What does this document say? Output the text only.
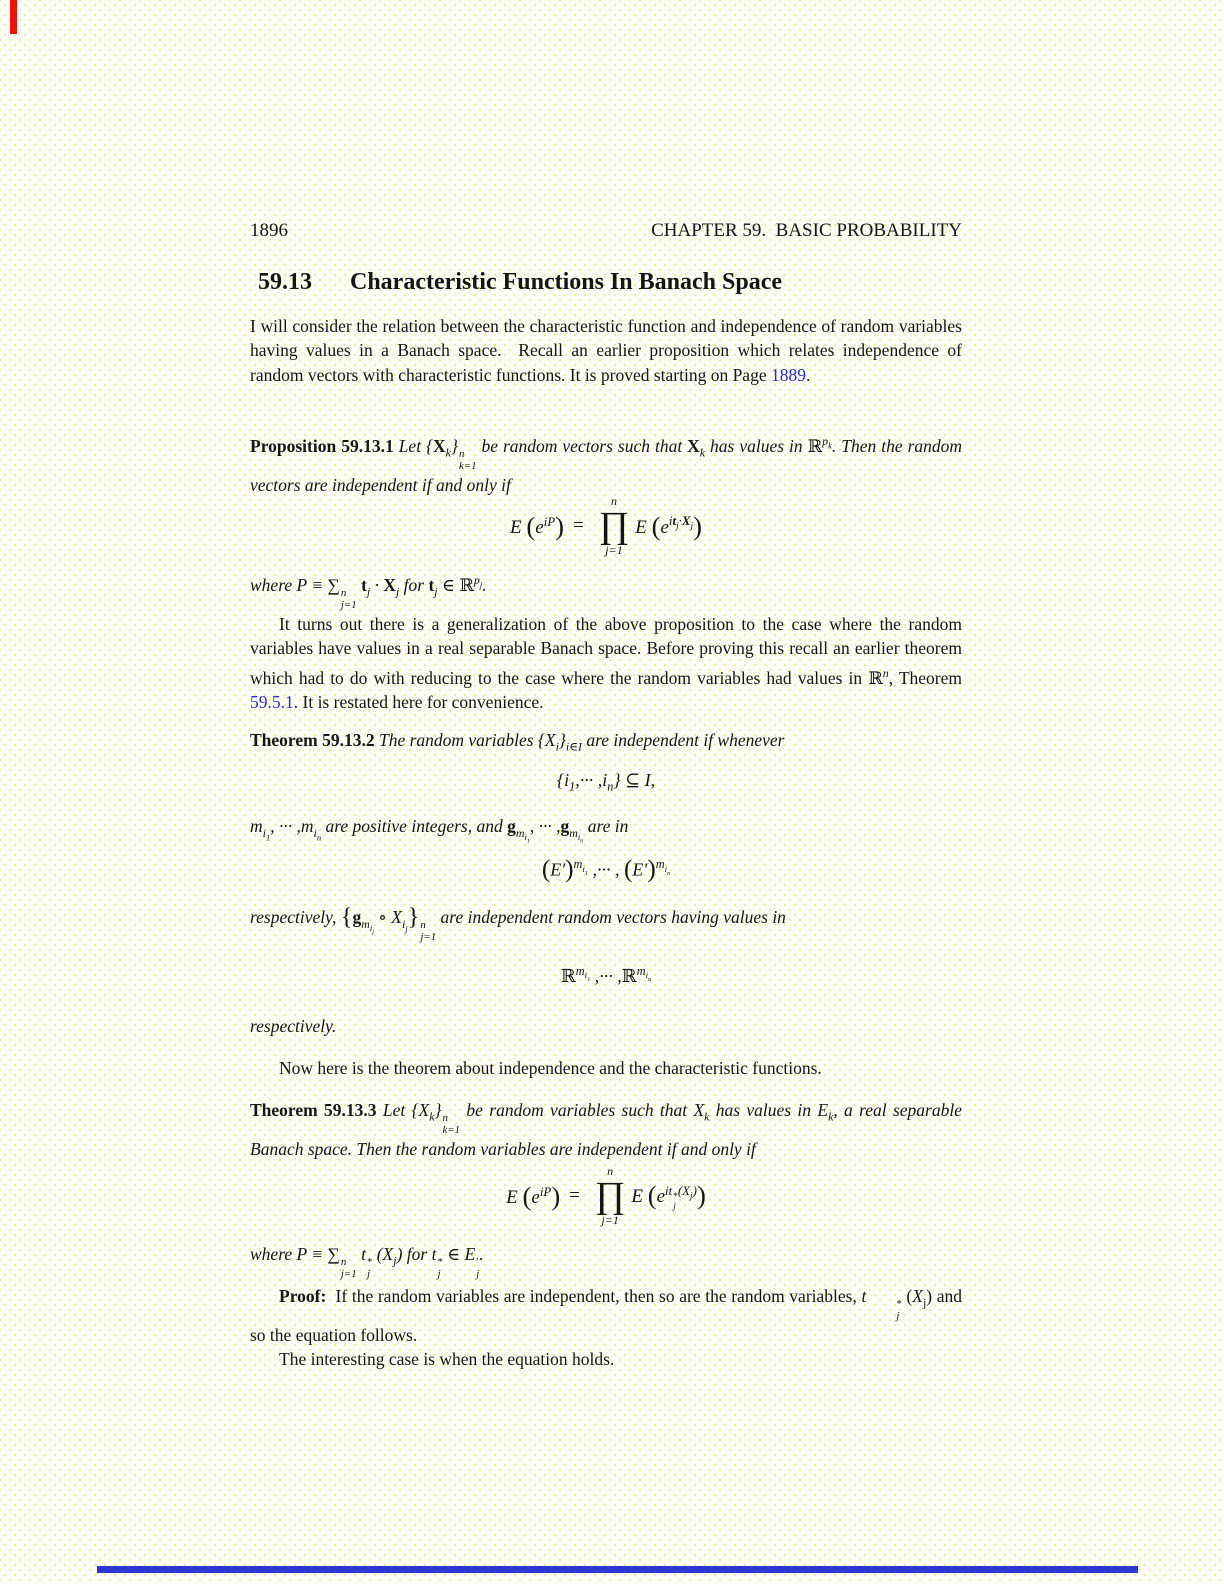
1896	CHAPTER 59.  BASIC PROBABILITY
59.13 Characteristic Functions In Banach Space
I will consider the relation between the characteristic function and independence of random variables having values in a Banach space.  Recall an earlier proposition which relates independence of random vectors with characteristic functions. It is proved starting on Page 1889.
Proposition 59.13.1 Let $\{X_k\}$ n
k=1
be random vectors such that $X_k$ has values in ℝ$^{p_k}$. Then the random vectors are independent if and only if
E $(e^{iP})$ =
n
∏
j=1
E $(e^{it_j\cdot X_j})$
where P ≡ ∑ n
j=1
$t_j \cdot X_j$ for $t_j$ ∈ ℝ$^{p_j}$.
It turns out there is a generalization of the above proposition to the case where the random variables have values in a real separable Banach space. Before proving this recall an earlier theorem which had to do with reducing to the case where the random variables had values in ℝ$^n$, Theorem 59.5.1. It is restated here for convenience.
Theorem 59.13.2 The random variables $\{X_i\}_{i\in I}$ are independent if whenever
$\{i_1,\cdot\cdot\cdot ,i_n\}$ ⊆ I,
$m_{i_1}$, ··· $,m_{i_n}$ are positive integers, and $g_{m_{i_1}}$, ··· $,g_{m_{i_n}}$ are in
$(E')^{m_{i_1}}$ ,··· , $(E')^{m_{i_n}}$
respectively, {$g_{m_{i_j}}$ ∘ $X_{i_j}$} n
j=1
are independent random vectors having values in
ℝ$^{m_{i_1}}$ ,··· ,ℝ$^{m_{i_n}}$
respectively.
Now here is the theorem about independence and the characteristic functions.
Theorem 59.13.3 Let $\{X_k\}$ n
k=1
be random variables such that $X_k$ has values in $E_k$, a real separable Banach space. Then the random variables are independent if and only if
E $(e^{iP})$ =
n
∏
j=1
E $(e^{it * j (X_j)})$
where P ≡ ∑ n
j=1
t *
j
$(X_j)$ for t *
j
∈ E ′
j
.
Proof:  If the random variables are independent, then so are the random variables, t	*
j
$(X_j)$ and so the equation follows.
The interesting case is when the equation holds.
